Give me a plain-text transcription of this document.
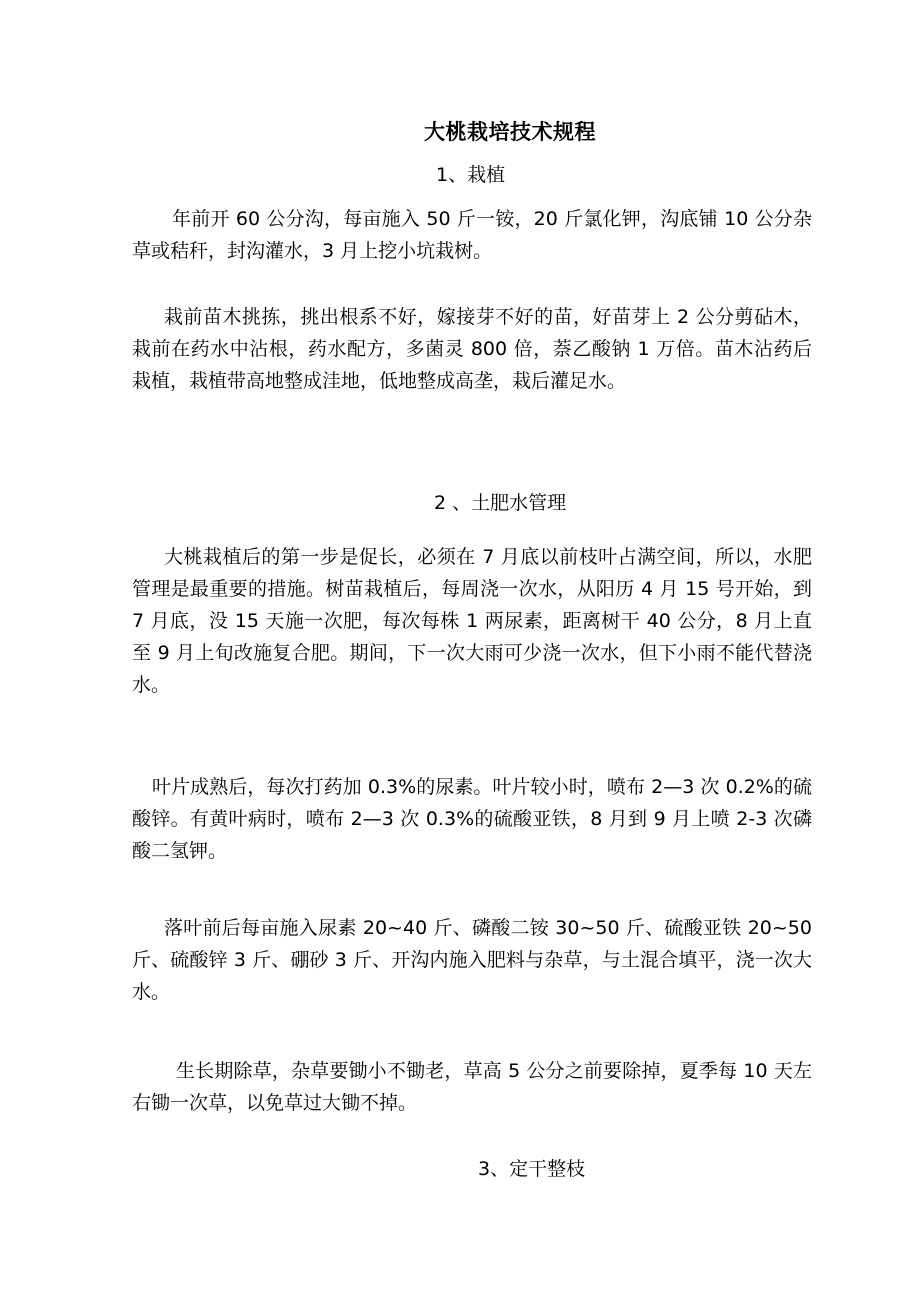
大桃栽培技术规程
1、栽植

年前开 60 公分沟，每亩施入 50 斤一铵，20 斤氯化钾，沟底铺 10 公分杂草或秸秆，封沟灌水，3 月上挖小坑栽树。

栽前苗木挑拣，挑出根系不好，嫁接芽不好的苗，好苗芽上 2 公分剪砧木，栽前在药水中沾根，药水配方，多菌灵 800 倍，萘乙酸钠 1 万倍。苗木沾药后栽植，栽植带高地整成洼地，低地整成高垄，栽后灌足水。

2 、土肥水管理

大桃栽植后的第一步是促长，必须在 7 月底以前枝叶占满空间，所以，水肥管理是最重要的措施。树苗栽植后，每周浇一次水，从阳历 4 月 15 号开始，到 7 月底，没 15 天施一次肥，每次每株 1 两尿素，距离树干 40 公分，8 月上直至 9 月上旬改施复合肥。期间，下一次大雨可少浇一次水，但下小雨不能代替浇水。

叶片成熟后，每次打药加 0.3%的尿素。叶片较小时，喷布 2—3 次 0.2%的硫酸锌。有黄叶病时，喷布 2—3 次 0.3%的硫酸亚铁，8 月到 9 月上喷 2-3 次磷酸二氢钾。

落叶前后每亩施入尿素 20~40 斤、磷酸二铵 30~50 斤、硫酸亚铁 20~50 斤、硫酸锌 3 斤、硼砂 3 斤、开沟内施入肥料与杂草，与土混合填平，浇一次大水。

生长期除草，杂草要锄小不锄老，草高 5 公分之前要除掉，夏季每 10 天左右锄一次草，以免草过大锄不掉。

3、定干整枝
